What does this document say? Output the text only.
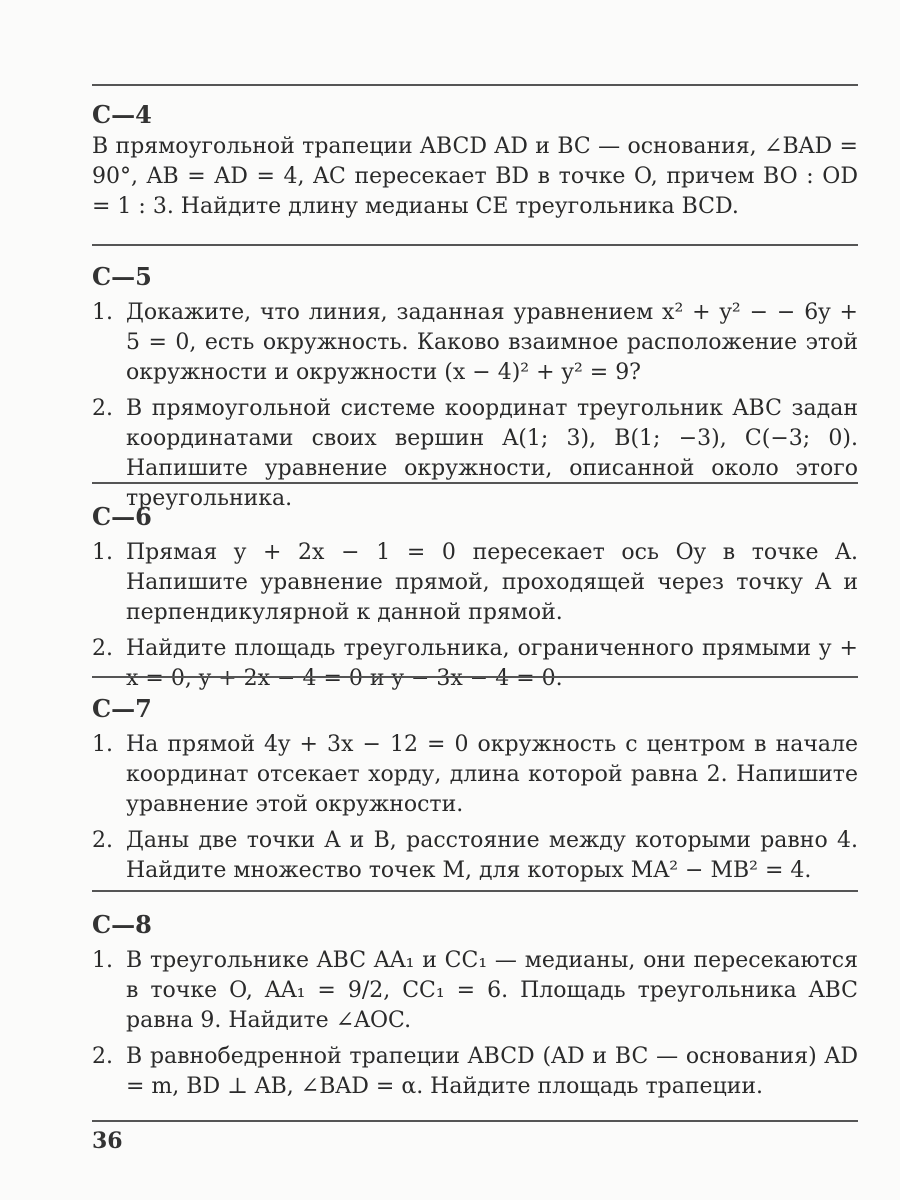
С—4
В прямоугольной трапеции ABCD AD и BC — основания, ∠BAD = 90°, AB = AD = 4, AC пересекает BD в точке O, причем BO : OD = 1 : 3. Найдите длину медианы CE треугольника BCD.
С—5
1. Докажите, что линия, заданная уравнением x² + y² − − 6y + 5 = 0, есть окружность. Каково взаимное расположение этой окружности и окружности (x − 4)² + y² = 9?
2. В прямоугольной системе координат треугольник ABC задан координатами своих вершин A(1; 3), B(1; −3), C(−3; 0). Напишите уравнение окружности, описанной около этого треугольника.
С—6
1. Прямая y + 2x − 1 = 0 пересекает ось Oy в точке A. Напишите уравнение прямой, проходящей через точку A и перпендикулярной к данной прямой.
2. Найдите площадь треугольника, ограниченного прямыми y + x = 0, y + 2x − 4 = 0 и y − 3x − 4 = 0.
С—7
1. На прямой 4y + 3x − 12 = 0 окружность с центром в начале координат отсекает хорду, длина которой равна 2. Напишите уравнение этой окружности.
2. Даны две точки A и B, расстояние между которыми равно 4. Найдите множество точек M, для которых MA² − MB² = 4.
С—8
1. В треугольнике ABC AA₁ и CC₁ — медианы, они пересекаются в точке O, AA₁ = 9/2, CC₁ = 6. Площадь треугольника ABC равна 9. Найдите ∠AOC.
2. В равнобедренной трапеции ABCD (AD и BC — основания) AD = m, BD ⊥ AB, ∠BAD = α. Найдите площадь трапеции.
36
